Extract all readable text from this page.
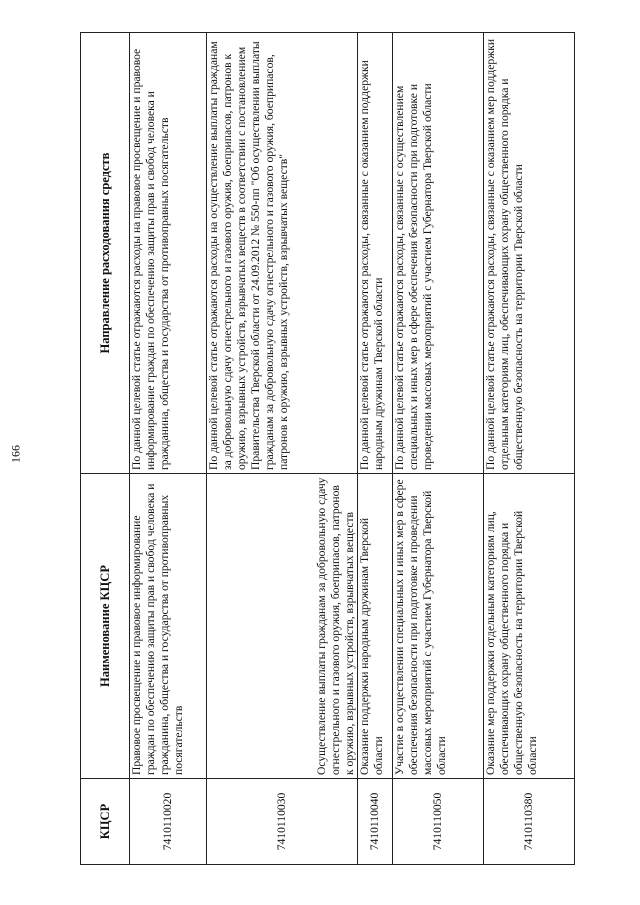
166
КЦСР	Наименование КЦСР	Направление расходования средств
7410110020	Правовое просвещение и правовое информирование граждан по обеспечению защиты прав и свобод человека и гражданина, общества и государства от противоправных посягательств	По данной целевой статье отражаются расходы на правовое просвещение и правовое информирование граждан по обеспечению защиты прав и свобод человека и гражданина, общества и государства от противоправных посягательств
7410110030	Осуществление выплаты гражданам за добровольную сдачу огнестрельного и газового оружия, боеприпасов, патронов к оружию, взрывных устройств, взрывчатых веществ	По данной целевой статье отражаются расходы на осуществление выплаты гражданам за добровольную сдачу огнестрельного и газового оружия, боеприпасов, патронов к оружию, взрывных устройств, взрывчатых веществ в соответствии с постановлением Правительства Тверской области от 24.09.2012 № 550-пп "Об осуществлении выплаты гражданам за добровольную сдачу огнестрельного и газового оружия, боеприпасов, патронов к оружию, взрывных устройств, взрывчатых веществ"
7410110040	Оказание поддержки народным дружинам Тверской области	По данной целевой статье отражаются расходы, связанные с оказанием поддержки народным дружинам Тверской области
7410110050	Участие в осуществлении специальных и иных мер в сфере обеспечения безопасности при подготовке и проведении массовых мероприятий с участием Губернатора Тверской области	По данной целевой статье отражаются расходы, связанные с осуществлением специальных и иных мер в сфере обеспечения безопасности при подготовке и проведении массовых мероприятий с участием Губернатора Тверской области
7410110380	Оказание мер поддержки отдельным категориям лиц, обеспечивающих охрану общественного порядка и общественную безопасность на территории Тверской области	По данной целевой статье отражаются расходы, связанные с оказанием мер поддержки отдельным категориям лиц, обеспечивающих охрану общественного порядка и общественную безопасность на территории Тверской области
